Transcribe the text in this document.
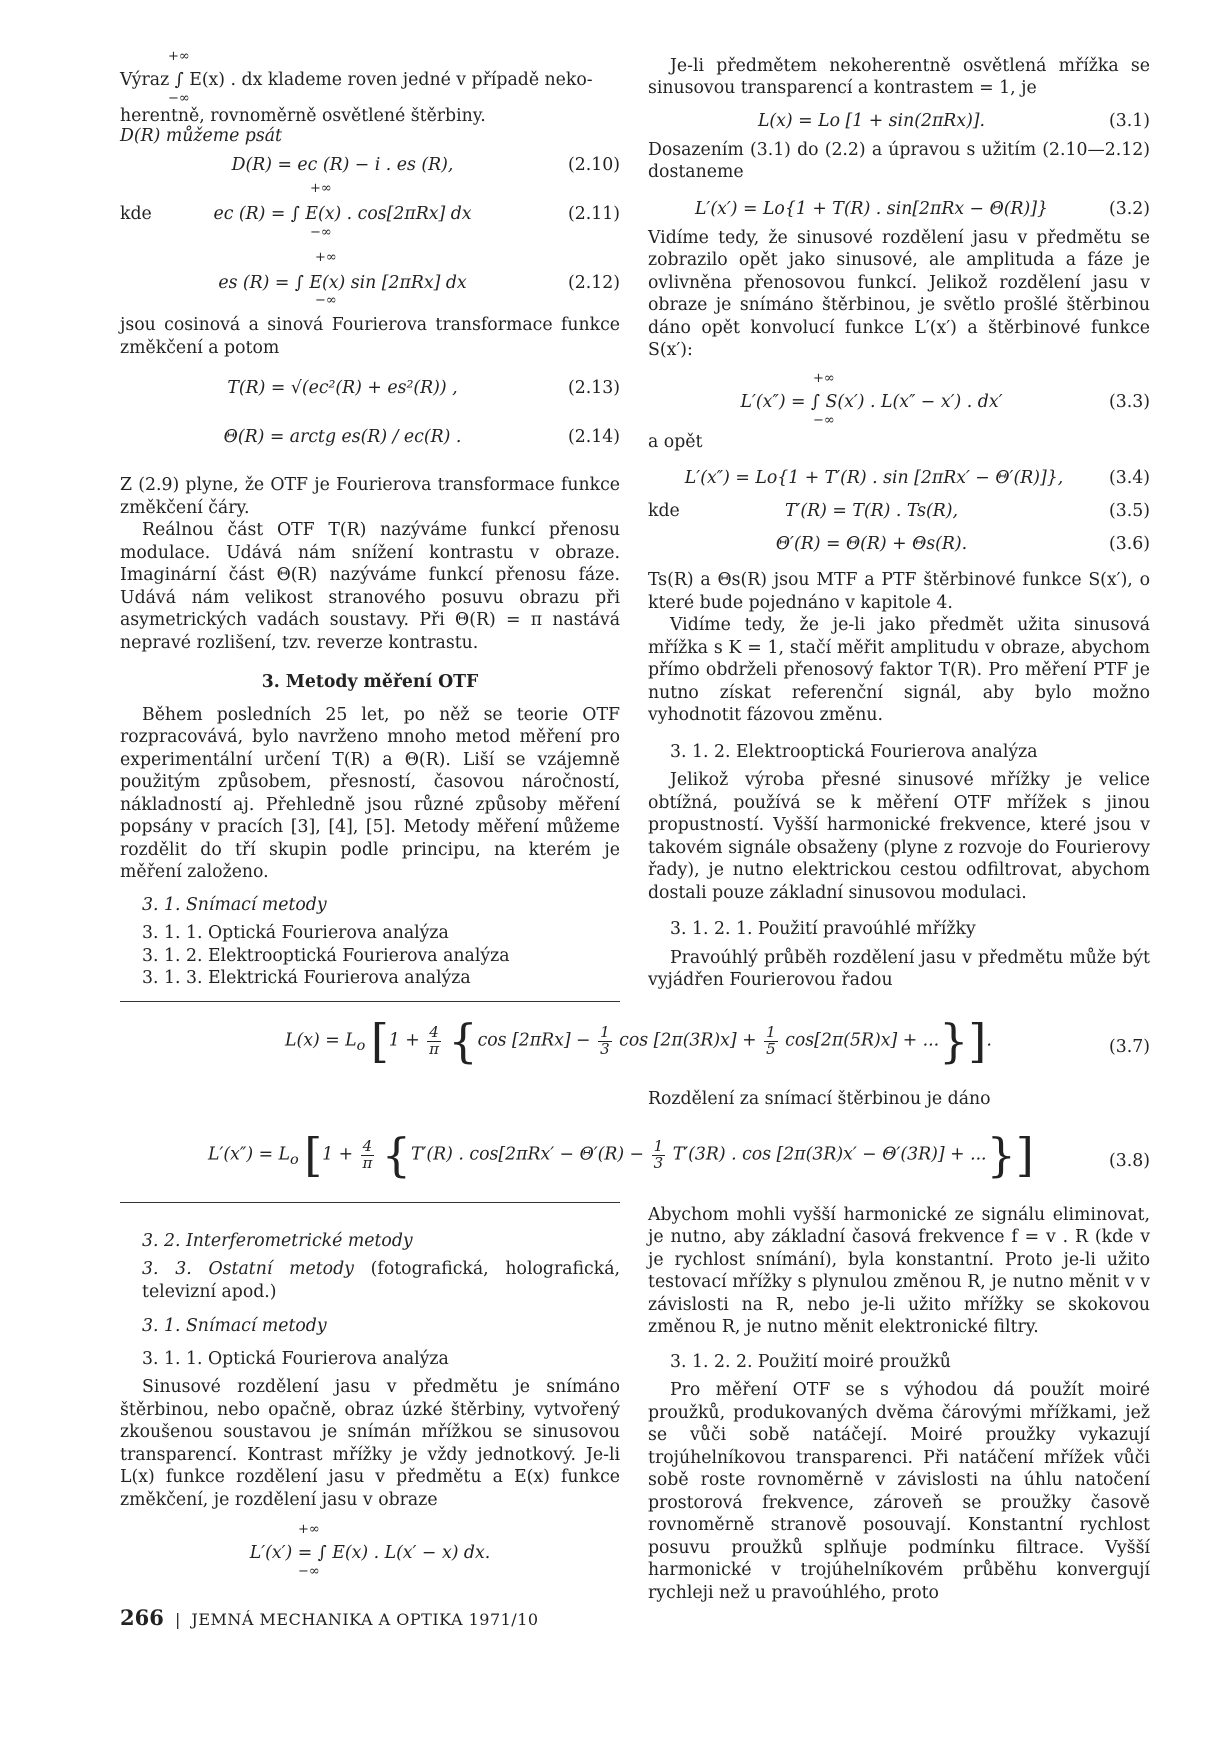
+∞

Výraz ∫ E(x) . dx klademe roven jedné v případě neko-

−∞

herentně, rovnoměrně osvětlené štěrbiny.

D(R) můžeme psát

D(R) = ec (R) − i . es (R),	(2.10)
+∞
kde	ec (R) = ∫ E(x) . cos[2πRx] dx	(2.11)
−∞
+∞
es (R) = ∫ E(x) sin [2πRx] dx	(2.12)
−∞

jsou cosinová a sinová Fourierova transformace funkce změkčení a potom

T(R) = √(ec²(R) + es²(R)) ,	(2.13)
Θ(R) = arctg es(R) / ec(R) .	(2.14)

Z (2.9) plyne, že OTF je Fourierova transformace funkce změkčení čáry.

Reálnou část OTF T(R) nazýváme funkcí přenosu modulace. Udává nám snížení kontrastu v obraze. Imaginární část Θ(R) nazýváme funkcí přenosu fáze. Udává nám velikost stranového posuvu obrazu při asymetrických vadách soustavy. Při Θ(R) = π nastává nepravé rozlišení, tzv. reverze kontrastu.

3. Metody měření OTF

Během posledních 25 let, po něž se teorie OTF rozpracovává, bylo navrženo mnoho metod měření pro experimentální určení T(R) a Θ(R). Liší se vzájemně použitým způsobem, přesností, časovou náročností, nákladností aj. Přehledně jsou různé způsoby měření popsány v pracích [3], [4], [5]. Metody měření můžeme rozdělit do tří skupin podle principu, na kterém je měření založeno.

3. 1. Snímací metody

3. 1. 1. Optická Fourierova analýza
3. 1. 2. Elektrooptická Fourierova analýza
3. 1. 3. Elektrická Fourierova analýza

Je-li předmětem nekoherentně osvětlená mřížka se sinusovou transparencí a kontrastem = 1, je

L(x) = Lo [1 + sin(2πRx)].	(3.1)

Dosazením (3.1) do (2.2) a úpravou s užitím (2.10—2.12) dostaneme

L′(x′) = Lo{1 + T(R) . sin[2πRx − Θ(R)]}	(3.2)

Vidíme tedy, že sinusové rozdělení jasu v předmětu se zobrazilo opět jako sinusové, ale amplituda a fáze je ovlivněna přenosovou funkcí. Jelikož rozdělení jasu v obraze je snímáno štěrbinou, je světlo prošlé štěrbinou dáno opět konvolucí funkce L′(x′) a štěrbinové funkce S(x′):

+∞
L′(x″) = ∫ S(x′) . L(x″ − x′) . dx′	(3.3)
−∞

a opět

L′(x″) = Lo{1 + T′(R) . sin [2πRx′ − Θ′(R)]},	(3.4)
kde	T′(R) = T(R) . Ts(R),	(3.5)
Θ′(R) = Θ(R) + Θs(R).	(3.6)

Ts(R) a Θs(R) jsou MTF a PTF štěrbinové funkce S(x′), o které bude pojednáno v kapitole 4.

Vidíme tedy, že je-li jako předmět užita sinusová mřížka s K = 1, stačí měřit amplitudu v obraze, abychom přímo obdrželi přenosový faktor T(R). Pro měření PTF je nutno získat referenční signál, aby bylo možno vyhodnotit fázovou změnu.

3. 1. 2. Elektrooptická Fourierova analýza

Jelikož výroba přesné sinusové mřížky je velice obtížná, používá se k měření OTF mřížek s jinou propustností. Vyšší harmonické frekvence, které jsou v takovém signále obsaženy (plyne z rozvoje do Fourierovy řady), je nutno elektrickou cestou odfiltrovat, abychom dostali pouze základní sinusovou modulaci.

3. 1. 2. 1. Použití pravoúhlé mřížky

Pravoúhlý průběh rozdělení jasu v předmětu může být vyjádřen Fourierovou řadou

$L(x) = L_o$ [$1 + \frac{4}{\pi} \{\cos$ $[2\pi Rx] - \frac{1}{3}$ $\cos [2\pi(3R)x] + \frac{1}{5} \cos[2\pi(5R)x]$ + ...}].	(3.7)

Rozdělení za snímací štěrbinou je dáno

$L'(x'') = L_o$ [$1 + \frac{4}{\pi} \{T'(R)$ . $\cos[2\pi Rx' - \Theta'(R) - \frac{1}{3} T'(3R)$ . cos [2π(3R)x′ − Θ′(3R)] + ...}]	(3.8)

3. 2. Interferometrické metody

3. 3. Ostatní metody (fotografická, holografická, televizní apod.)

3. 1. Snímací metody

3. 1. 1. Optická Fourierova analýza

Sinusové rozdělení jasu v předmětu je snímáno štěrbinou, nebo opačně, obraz úzké štěrbiny, vytvořený zkoušenou soustavou je snímán mřížkou se sinusovou transparencí. Kontrast mřížky je vždy jednotkový. Je-li L(x) funkce rozdělení jasu v předmětu a E(x) funkce změkčení, je rozdělení jasu v obraze

+∞
L′(x′) = ∫ E(x) . L(x′ − x) dx.
−∞

Abychom mohli vyšší harmonické ze signálu eliminovat, je nutno, aby základní časová frekvence f = v . R (kde v je rychlost snímání), byla konstantní. Proto je-li užito testovací mřížky s plynulou změnou R, je nutno měnit v v závislosti na R, nebo je-li užito mřížky se skokovou změnou R, je nutno měnit elektronické filtry.

3. 1. 2. 2. Použití moiré proužků

Pro měření OTF se s výhodou dá použít moiré proužků, produkovaných dvěma čárovými mřížkami, jež se vůči sobě natáčejí. Moiré proužky vykazují trojúhelníkovou transparenci. Při natáčení mřížek vůči sobě roste rovnoměrně v závislosti na úhlu natočení prostorová frekvence, zároveň se proužky časově rovnoměrně stranově posouvají. Konstantní rychlost posuvu proužků splňuje podmínku filtrace. Vyšší harmonické v trojúhelníkovém průběhu konvergují rychleji než u pravoúhlého, proto

266 | JEMNÁ MECHANIKA A OPTIKA 1971/10
